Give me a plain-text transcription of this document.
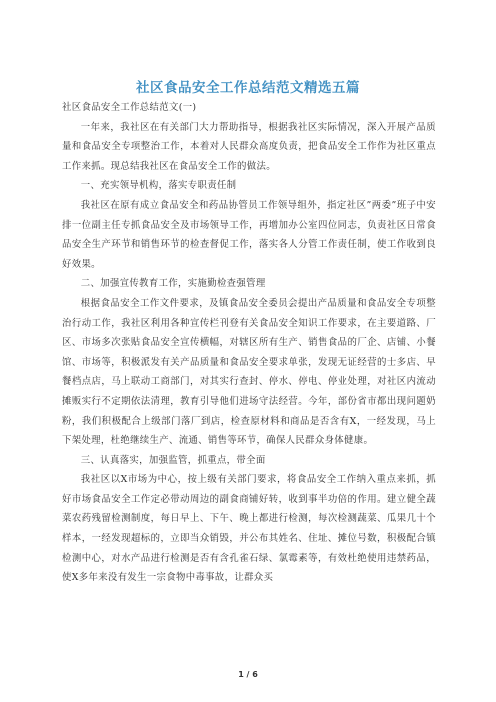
社区食品安全工作总结范文精选五篇

社区食品安全工作总结范文(一)

一年来，我社区在有关部门大力帮助指导，根据我社区实际情况，深入开展产品质量和食品安全专项整治工作，本着对人民群众高度负责，把食品安全工作作为社区重点工作来抓。现总结我社区在食品安全工作的做法。

一、充实领导机构，落实专职责任制

我社区在原有成立食品安全和药品协管员工作领导组外，指定社区”两委”班子中安排一位副主任专抓食品安全及市场领导工作，再增加办公室四位同志，负责社区日常食品安全生产环节和销售环节的检查督促工作，落实各人分管工作责任制，使工作收到良好效果。

二、加强宣传教育工作，实施勤检查强管理

根据食品安全工作文件要求，及镇食品安全委员会提出产品质量和食品安全专项整治行动工作，我社区利用各种宣传栏刊登有关食品安全知识工作要求，在主要道路、厂区、市场多次张贴食品安全宣传横幅，对辖区所有生产、销售食品的厂企、店铺、小餐馆、市场等，积极派发有关产品质量和食品安全要求单张，发现无证经营的士多店、早餐档点店，马上联动工商部门，对其实行查封、停水、停电、停业处理，对社区内流动摊贩实行不定期依法清理，教育引导他们进场守法经营。今年，部份省市都出现问题奶粉，我们积极配合上级部门落厂到店，检查原材料和商品是否含有X，一经发现，马上下架处理，杜绝继续生产、流通、销售等环节，确保人民群众身体健康。

三、认真落实，加强监管，抓重点，带全面

我社区以X市场为中心，按上级有关部门要求，将食品安全工作纳入重点来抓，抓好市场食品安全工作定必带动周边的副食商铺好转，收到事半功倍的作用。建立健全蔬菜农药残留检测制度，每日早上、下午、晚上都进行检测，每次检测蔬菜、瓜果几十个样本，一经发现超标的，立即当众销毁，并公布其姓名、住址、摊位号数，积极配合镇检测中心，对水产品进行检测是否有含孔雀石绿、氯霉素等，有效杜绝使用违禁药品，使X多年来没有发生一宗食物中毒事故，让群众买

1 / 6
